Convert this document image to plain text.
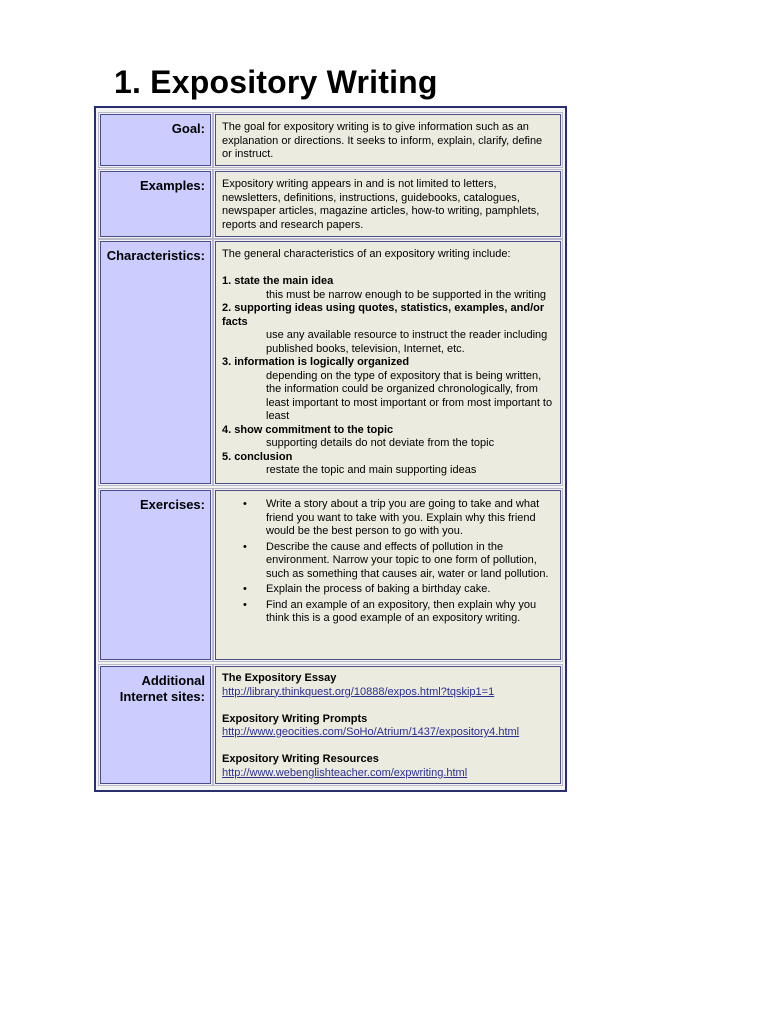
1. Expository Writing
Goal:	The goal for expository writing is to give information such as an explanation or directions. It seeks to inform, explain, clarify, define or instruct.

Examples:	Expository writing appears in and is not limited to letters, newsletters, definitions, instructions, guidebooks, catalogues, newspaper articles, magazine articles, how-to writing, pamphlets, reports and research papers.

Characteristics:	The general characteristics of an expository writing include:

1. state the main idea

this must be narrow enough to be supported in the writing

2. supporting ideas using quotes, statistics, examples, and/or facts

use any available resource to instruct the reader including published books, television, Internet, etc.

3. information is logically organized

depending on the type of expository that is being written, the information could be organized chronologically, from least important to most important or from most important to least

4. show commitment to the topic

supporting details do not deviate from the topic

5. conclusion

restate the topic and main supporting ideas

Exercises:	• Write a story about a trip you are going to take and what friend you want to take with you. Explain why this friend would be the best person to go with you.
• Describe the cause and effects of pollution in the environment. Narrow your topic to one form of pollution, such as something that causes air, water or land pollution.
• Explain the process of baking a birthday cake.
• Find an example of an expository, then explain why you think this is a good example of an expository writing.
Additional Internet sites:
The Expository Essay
http://library.thinkquest.org/10888/expos.html?tqskip1=1
Expository Writing Prompts
http://www.geocities.com/SoHo/Atrium/1437/expository4.html
Expository Writing Resources
http://www.webenglishteacher.com/expwriting.html
